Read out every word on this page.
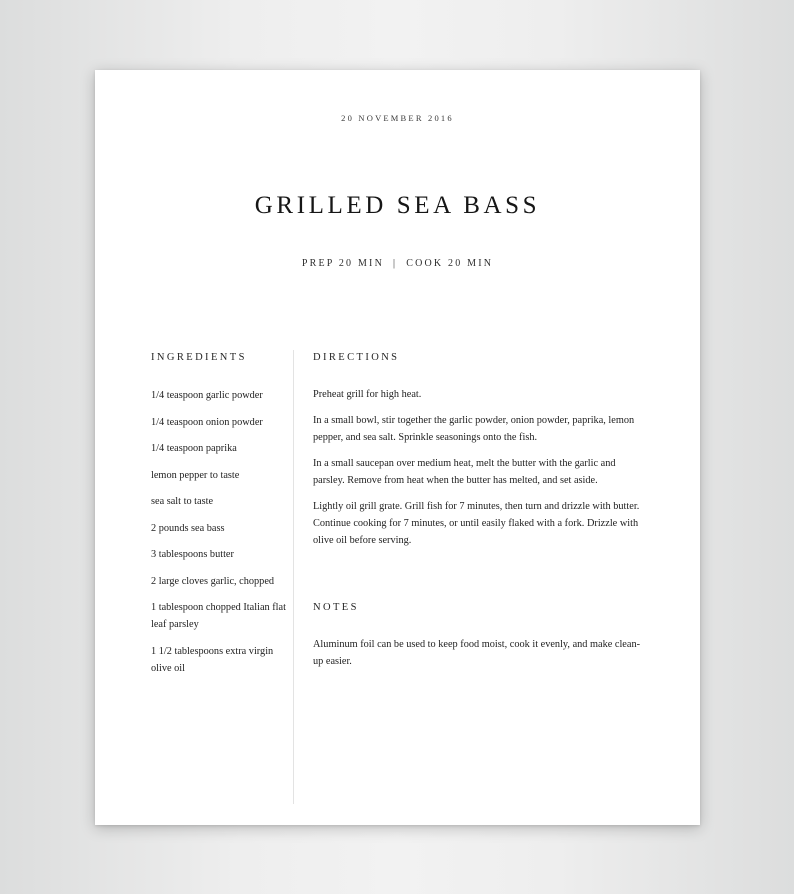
20 NOVEMBER 2016
GRILLED SEA BASS
PREP 20 MIN | COOK 20 MIN
INGREDIENTS
1/4 teaspoon garlic powder
1/4 teaspoon onion powder
1/4 teaspoon paprika
lemon pepper to taste
sea salt to taste
2 pounds sea bass
3 tablespoons butter
2 large cloves garlic, chopped
1 tablespoon chopped Italian flat leaf parsley
1 1/2 tablespoons extra virgin olive oil
DIRECTIONS

Preheat grill for high heat.

In a small bowl, stir together the garlic powder, onion powder, paprika, lemon pepper, and sea salt. Sprinkle seasonings onto the fish.

In a small saucepan over medium heat, melt the butter with the garlic and parsley. Remove from heat when the butter has melted, and set aside.

Lightly oil grill grate. Grill fish for 7 minutes, then turn and drizzle with butter. Continue cooking for 7 minutes, or until easily flaked with a fork. Drizzle with olive oil before serving.

NOTES

Aluminum foil can be used to keep food moist, cook it evenly, and make clean-up easier.
